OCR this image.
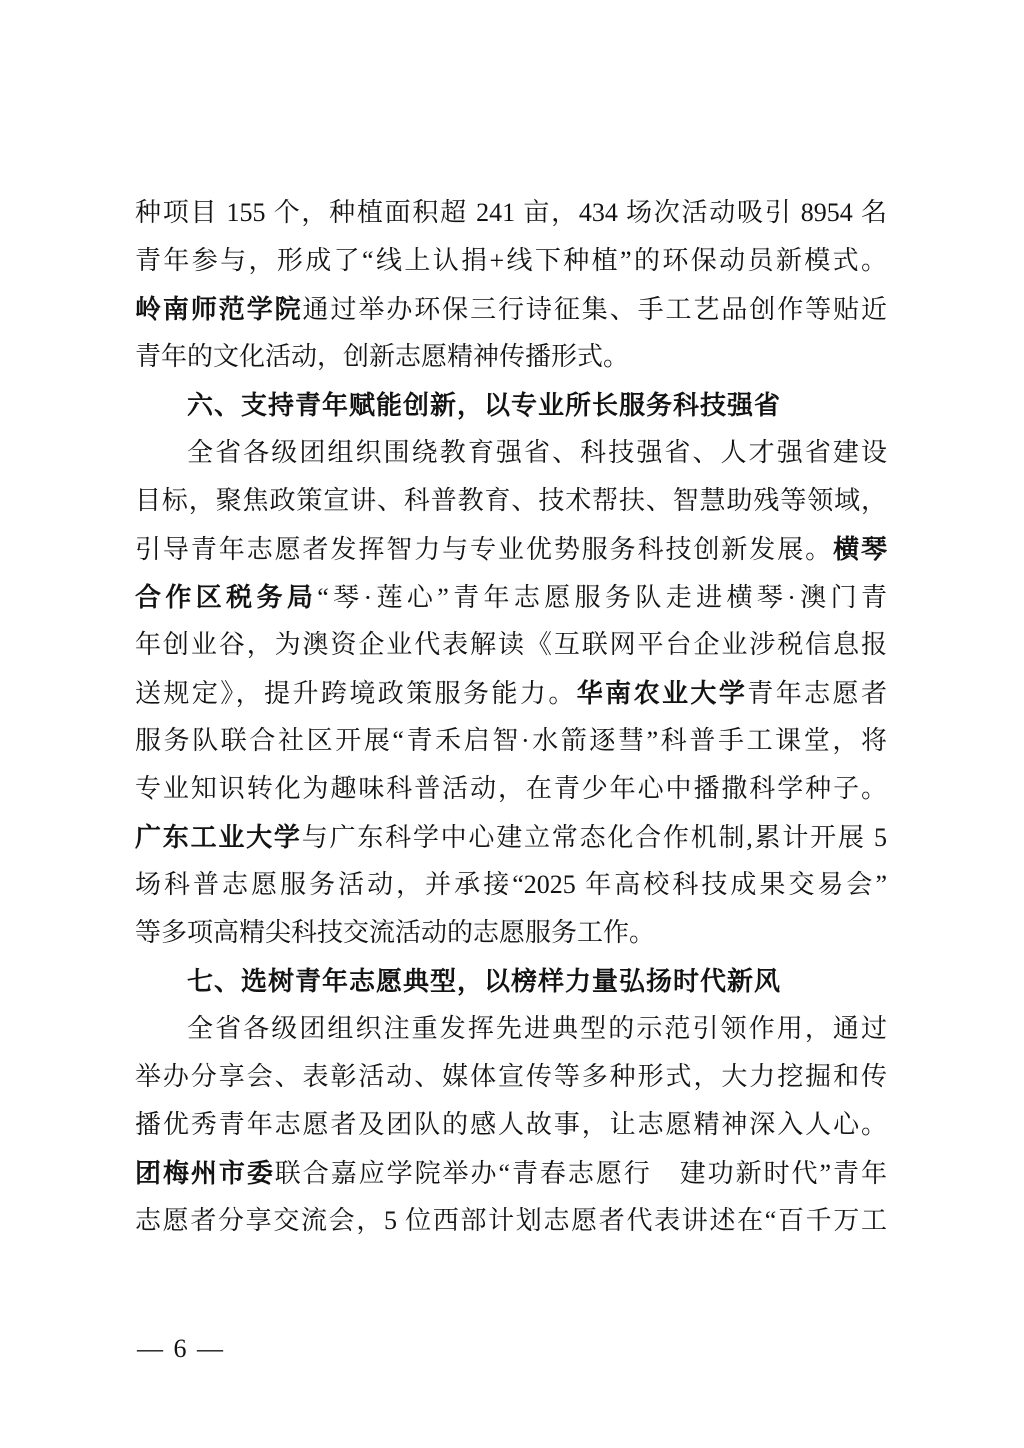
种项目 155 个，种植面积超 241 亩，434 场次活动吸引 8954 名
青年参与，形成了“线上认捐+线下种植”的环保动员新模式。
岭南师范学院通过举办环保三行诗征集、手工艺品创作等贴近
青年的文化活动，创新志愿精神传播形式。
六、支持青年赋能创新，以专业所长服务科技强省
全省各级团组织围绕教育强省、科技强省、人才强省建设
目标，聚焦政策宣讲、科普教育、技术帮扶、智慧助残等领域，
引导青年志愿者发挥智力与专业优势服务科技创新发展。横琴
合作区税务局“琴·莲心”青年志愿服务队走进横琴·澳门青
年创业谷，为澳资企业代表解读《互联网平台企业涉税信息报
送规定》，提升跨境政策服务能力。华南农业大学青年志愿者
服务队联合社区开展“青禾启智·水箭逐彗”科普手工课堂，将
专业知识转化为趣味科普活动，在青少年心中播撒科学种子。
广东工业大学与广东科学中心建立常态化合作机制,累计开展 5
场科普志愿服务活动，并承接“2025 年高校科技成果交易会”
等多项高精尖科技交流活动的志愿服务工作。
七、选树青年志愿典型，以榜样力量弘扬时代新风
全省各级团组织注重发挥先进典型的示范引领作用，通过
举办分享会、表彰活动、媒体宣传等多种形式，大力挖掘和传
播优秀青年志愿者及团队的感人故事，让志愿精神深入人心。
团梅州市委联合嘉应学院举办“青春志愿行　建功新时代”青年
志愿者分享交流会，5 位西部计划志愿者代表讲述在“百千万工
— 6 —
